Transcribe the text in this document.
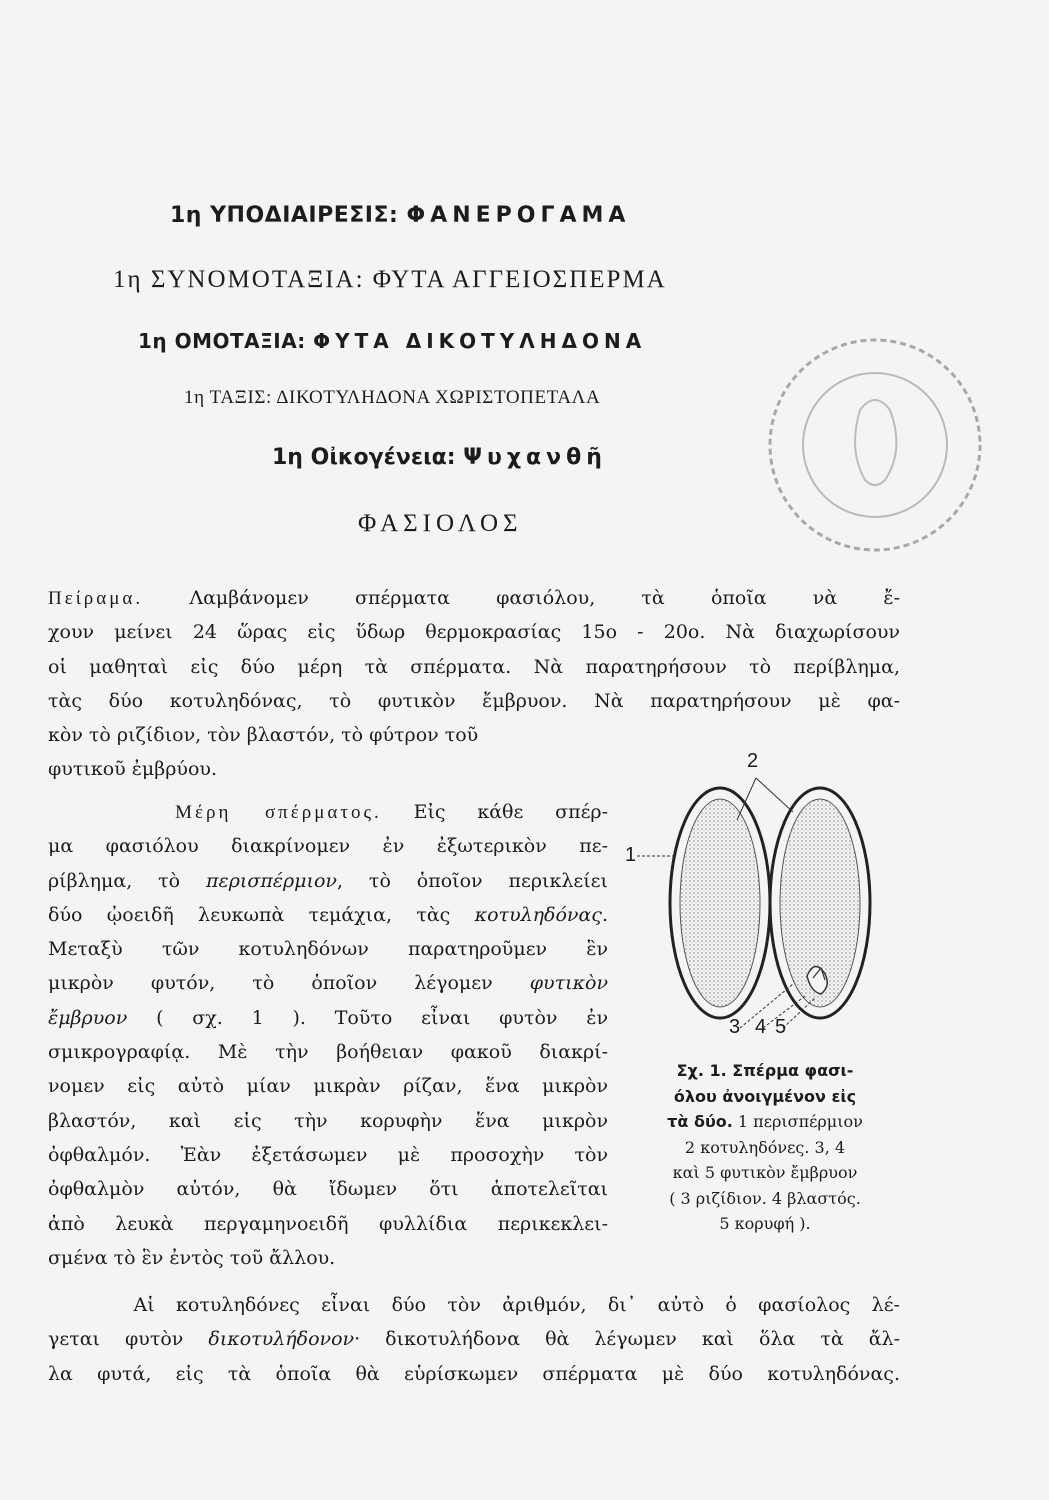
1η ΥΠΟΔΙΑΙΡΕΣΙΣ: ΦΑΝΕΡΟΓΑΜΑ
1η ΣΥΝΟΜΟΤΑΞΙΑ: ΦΥΤΑ ΑΓΓΕΙΟΣΠΕΡΜΑ
1η ΟΜΟΤΑΞΙΑ: ΦΥΤΑ ΔΙΚΟΤΥΛΗΔΟΝΑ
1η ΤΑΞΙΣ: ΔΙΚΟΤΥΛΗΔΟΝΑ ΧΩΡΙΣΤΟΠΕΤΑΛΑ
1η Οἰκογένεια: Ψυχανθῆ
ΦΑΣΙΟΛΟΣ
Πείραμα. Λαμβάνομεν σπέρματα φασιόλου, τὰ ὁποῖα νὰ ἔ-
χουν μείνει 24 ὥρας εἰς ὕδωρ θερμοκρασίας 15ο - 20ο. Νὰ διαχωρίσουν
οἱ μαθηταὶ εἰς δύο μέρη τὰ σπέρματα. Νὰ παρατηρήσουν τὸ περίβλημα,
τὰς δύο κοτυληδόνας, τὸ φυτικὸν ἔμβρυον. Νὰ παρατηρήσουν μὲ φα-
κὸν τὸ ριζίδιον, τὸν βλαστόν, τὸ φύτρον τοῦ
φυτικοῦ ἐμβρύου.
Μέρη σπέρματος. Εἰς κάθε σπέρ-
μα φασιόλου διακρίνομεν ἐν ἐξωτερικὸν πε-
ρίβλημα, τὸ περισπέρμιον, τὸ ὁποῖον περικλείει
δύο ᾠοειδῆ λευκωπὰ τεμάχια, τὰς κοτυληδόνας.
Μεταξὺ τῶν κοτυληδόνων παρατηροῦμεν ἓν
μικρὸν φυτόν, τὸ ὁποῖον λέγομεν φυτικὸν
ἔμβρυον ( σχ. 1 ). Τοῦτο εἶναι φυτὸν ἐν
σμικρογραφίᾳ. Μὲ τὴν βοήθειαν φακοῦ διακρί-
νομεν εἰς αὐτὸ μίαν μικρὰν ρίζαν, ἕνα μικρὸν
βλαστόν, καὶ εἰς τὴν κορυφὴν ἕνα μικρὸν
ὀφθαλμόν. Ἐὰν ἐξετάσωμεν μὲ προσοχὴν τὸν
ὀφθαλμὸν αὐτόν, θὰ ἴδωμεν ὅτι ἀποτελεῖται
ἀπὸ λευκὰ περγαμηνοειδῆ φυλλίδια περικεκλει-
σμένα τὸ ἓν ἐντὸς τοῦ ἄλλου.
2
1
3 4 5
Σχ. 1. Σπέρμα φασι-
όλου ἀνοιγμένον εἰς
τὰ δύο. 1 περισπέρμιον
2 κοτυληδόνες. 3, 4
καὶ 5 φυτικὸν ἔμβρυον
( 3 ριζίδιον. 4 βλαστός.
5 κορυφή ).
Αἱ κοτυληδόνες εἶναι δύο τὸν ἀριθμόν, δι᾽ αὐτὸ ὁ φασίολος λέ-
γεται φυτὸν δικοτυλήδονον· δικοτυλήδονα θὰ λέγωμεν καὶ ὅλα τὰ ἄλ-
λα φυτά, εἰς τὰ ὁποῖα θὰ εὑρίσκωμεν σπέρματα μὲ δύο κοτυληδόνας.
